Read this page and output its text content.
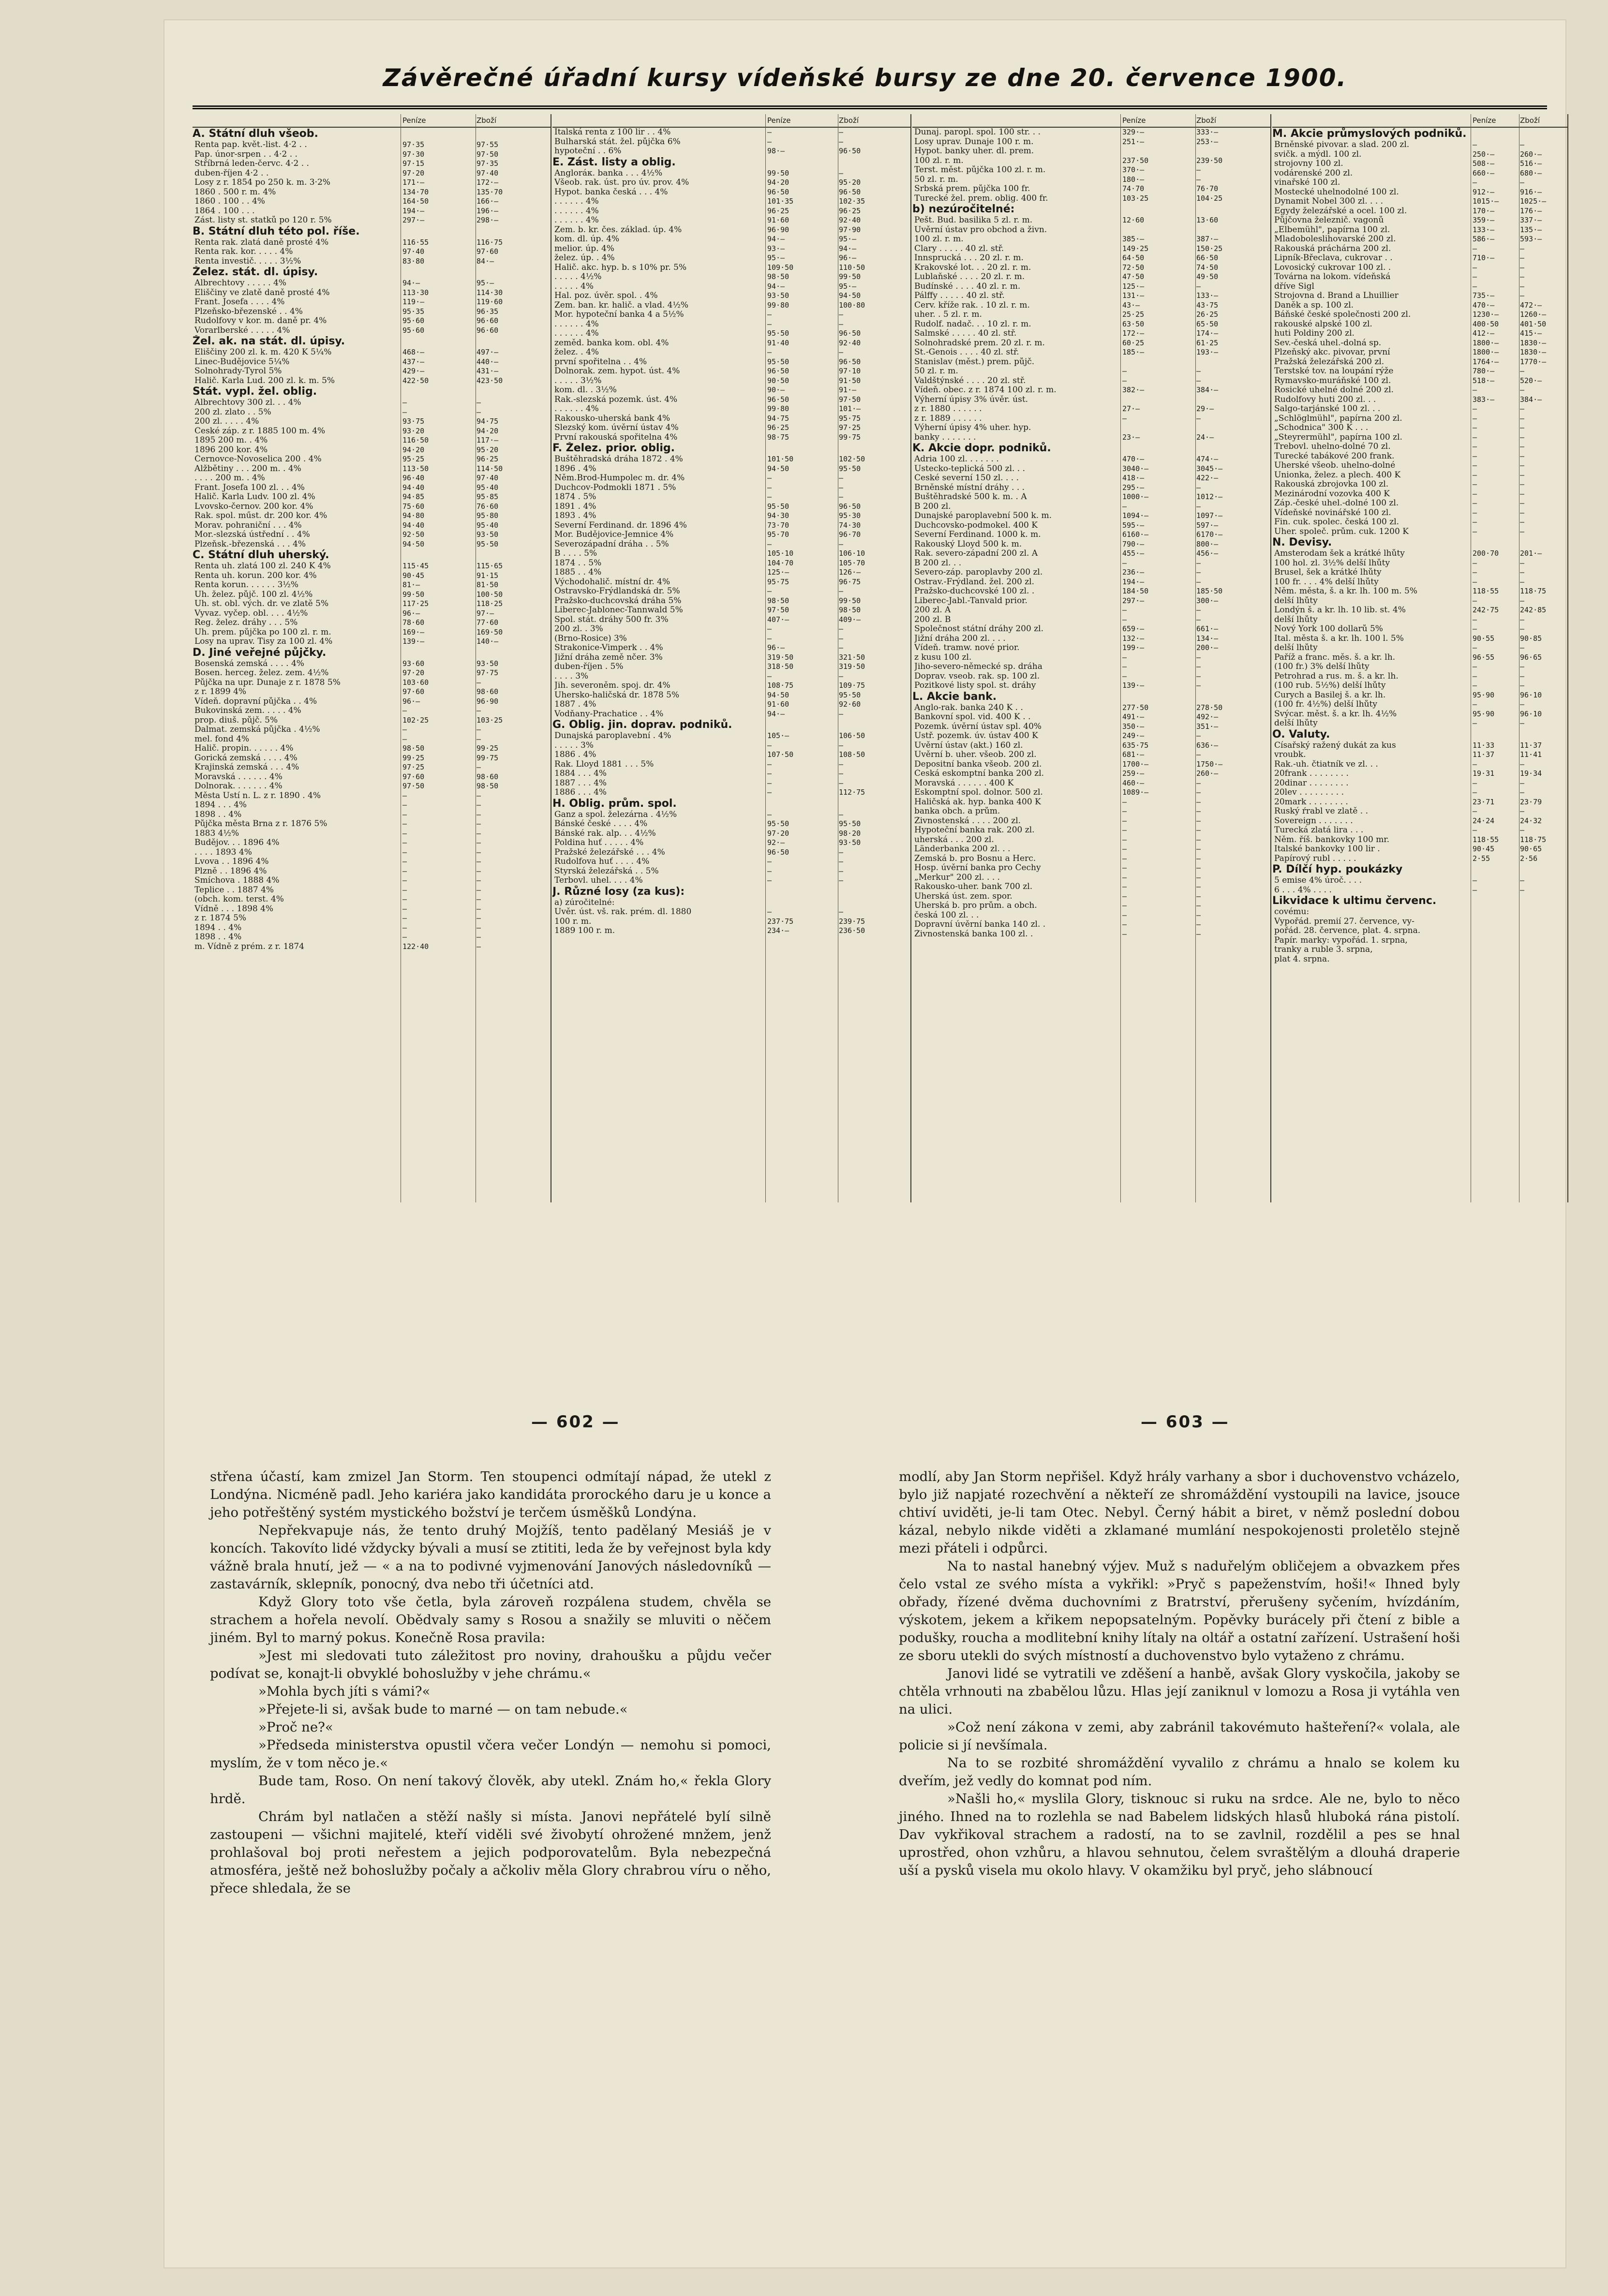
Závěrečné úřadní kursy vídeňské bursy ze dne 20. července 1900.
Peníze	Zboží
A. Státní dluh všeob.
Renta pap. květ.-list. 4·2 . .	97·35	97·55
Pap. únor-srpen . . 4·2 . .	97·30	97·50
Stříbrná leden-červc. 4·2 . .	97·15	97·35
duben-říjen 4·2 . .	97·20	97·40
Losy z r. 1854 po 250 k. m. 3·2%	171·—	172·—
1860 . 500 r. m. 4%	134·70	135·70
1860 . 100 . . 4%	164·50	166·—
1864 . 100 . . .	194·—	196·—
Zást. listy st. statků po 120 r. 5%	297·—	298·—
B. Státní dluh této pol. říše.
Renta rak. zlatá daně prosté 4%	116·55	116·75
Renta rak. kor. . . . . 4%	97·40	97·60
Renta investič. . . . . 3½%	83·80	84·—
Želez. stát. dl. úpisy.
Albrechtovy . . . . . 4%	94·—	95·—
Eliščiny ve zlatě daně prosté 4%	113·30	114·30
Frant. Josefa . . . . 4%	119·—	119·60
Plzeňsko-březenské . . 4%	95·35	96·35
Rudolfovy v kor. m. daně pr. 4%	95·60	96·60
Vorarlberské . . . . . 4%	95·60	96·60
Žel. ak. na stát. dl. úpisy.
Eliščiny 200 zl. k. m. 420 K 5¼%	468·—	497·—
Linec-Budějovice 5¼%	437·—	440·—
Solnohrady-Tyrol 5%	429·—	431·—
Halič. Karla Lud. 200 zl. k. m. 5%	422·50	423·50
Stát. vypl. žel. oblig.
Albrechtovy 300 zl. . . 4%	—	—
200 zl. zlato . . 5%	—	—
200 zl. . . . . 4%	93·75	94·75
České záp. z r. 1885 100 m. 4%	93·20	94·20
1895 200 m. . 4%	116·50	117·—
1896 200 kor. 4%	94·20	95·20
Černovce-Novoselica 200 . 4%	95·25	96·25
Alžbětiny . . . 200 m. . 4%	113·50	114·50
. . . . 200 m. . 4%	96·40	97·40
Frant. Josefa 100 zl. . . 4%	94·40	95·40
Halič. Karla Ludv. 100 zl. 4%	94·85	95·85
Lvovsko-černov. 200 kor. 4%	75·60	76·60
Rak. spol. műst. dr. 200 kor. 4%	94·80	95·80
Morav. pohraniční . . . 4%	94·40	95·40
Mor.-slezská ústřední . . 4%	92·50	93·50
Plzeňsk.-březenská . . . 4%	94·50	95·50
C. Státní dluh uherský.
Renta uh. zlatá 100 zl. 240 K 4%	115·45	115·65
Renta uh. korun. 200 kor. 4%	90·45	91·15
Renta korun. . . . . . 3½%	81·—	81·50
Uh. želez. půjč. 100 zl. 4½%	99·50	100·50
Uh. st. obl. vých. dr. ve zlatě 5%	117·25	118·25
Vyvaz. vyčep. obl. . . . 4½%	96·—	97·—
Reg. želez. dráhy . . . 5%	78·60	77·60
Uh. prem. půjčka po 100 zl. r. m.	169·—	169·50
Losy na uprav. Tisy za 100 zl. 4%	139·—	140·—
D. Jiné veřejné půjčky.
Bosenská zemská . . . . 4%	93·60	93·50
Bosen. herceg. želez. zem. 4½%	97·20	97·75
Půjčka na upr. Dunaje z r. 1878 5%	103·60	—
z r. 1899 4%	97·60	98·60
Vídeň. dopravní půjčka . . 4%	96·—	96·90
Bukovinská zem. . . . . 4%	—	—
prop. diuš. půjč. 5%	102·25	103·25
Dalmat. zemská půjčka . 4½%	—	—
mel. fond 4%	—	—
Halič. propin. . . . . . 4%	98·50	99·25
Gorická zemská . . . . 4%	99·25	99·75
Krajinská zemská . . . 4%	97·25	—
Moravská . . . . . . 4%	97·60	98·60
Dolnorak. . . . . . . 4%	97·50	98·50
Města Ústí n. L. z r. 1890 . 4%	—	—
1894 . . . 4%	—	—
1898 . . 4%	—	—
Půjčka města Brna z r. 1876 5%	—	—
1883 4½%	—	—
Budějov. . . 1896 4%	—	—
. . . . 1893 4%	—	—
Lvova . . 1896 4%	—	—
Plzně . . 1896 4%	—	—
Smíchova . 1888 4%	—	—
Teplice . . 1887 4%	—	—
(obch. kom. terst. 4%	—	—
Vídně . . . 1898 4%	—	—
z r. 1874 5%	—	—
1894 . . 4%	—	—
1898 . . 4%	—	—
m. Vídně z prém. z r. 1874	122·40	—
Peníze	Zboží
Italská renta z 100 lir . . 4%	—	—
Bulharská stát. žel. půjčka 6%	—	—
hypoteční . . 6%	98·—	96·50
E. Zást. listy a oblig.
Angloráк. banka . . . 4½%	99·50	—
Všeob. rak. úst. pro úv. prov. 4%	94·20	95·20
Hypot. banka česká . . . 4%	96·50	96·50
. . . . . . 4%	101·35	102·35
. . . . . . 4%	96·25	96·25
. . . . . . 4%	91·60	92·40
Zem. b. kr. čes. základ. úp. 4%	96·90	97·90
kom. dl. úp. 4%	94·—	95·—
melior. úp. 4%	93·—	94·—
želez. úp. . 4%	95·—	96·—
Halič. akc. hyp. b. s 10% pr. 5%	109·50	110·50
. . . . . 4½%	98·50	99·50
. . . . . 4%	94·—	95·—
Hal. poz. úvěr. spol. . 4%	93·50	94·50
Zem. ban. kr. halič. a vlad. 4½%	99·80	100·80
Mor. hypoteční banka 4 a 5½%	—	—
. . . . . . 4%	—	—
. . . . . . 4%	95·50	96·50
zeměd. banka kom. obl. 4%	91·40	92·40
želez. . 4%	—	—
první spořitelna . . 4%	95·50	96·50
Dolnorak. zem. hypot. úst. 4%	96·50	97·10
. . . . . 3½%	90·50	91·50
kom. dl. . 3½%	90·—	91·—
Rak.-slezská pozemk. úst. 4%	96·50	97·50
. . . . . . 4%	99·80	101·—
Rakousko-uherská bank 4%	94·75	95·75
Slezský kom. úvěrní ústav 4%	96·25	97·25
První rakouská spořitelna 4%	98·75	99·75
F. Želez. prior. oblig.
Buštěhradská dráha 1872 . 4%	101·50	102·50
1896 . 4%	94·50	95·50
Něm.Brod-Humpolec m. dr. 4%	—	—
Duchcov-Podmokli 1871 . 5%	—	—
1874 . 5%	—	—
1891 . 4%	95·50	96·50
1893 . 4%	94·30	95·30
Severní Ferdinand. dr. 1896 4%	73·70	74·30
Mor. Budějovice-Jemnice 4%	95·70	96·70
Severozápadní dráha . . 5%	—	—
B . . . . 5%	105·10	106·10
1874 . . 5%	104·70	105·70
1885 . . 4%	125·—	126·—
Východohalič. místní dr. 4%	95·75	96·75
Ostravsko-Frýdlandská dr. 5%	—	—
Pražsko-duchcovská dráha 5%	98·50	99·50
Liberec-Jablonec-Tannwald 5%	97·50	98·50
Spol. stát. dráhy 500 fr. 3%	407·—	409·—
200 zl. . 3%	—	—
(Brno-Rosice) 3%	—	—
Strakonice-Vimperk . . 4%	96·—	—
Jižní dráha země nčer. 3%	319·50	321·50
duben-říjen . 5%	318·50	319·50
. . . . 3%	—	—
Jih. severoněm. spoj. dr. 4%	108·75	109·75
Uhersko-haličská dr. 1878 5%	94·50	95·50
1887 . 4%	91·60	92·60
Vodňany-Prachatice . . 4%	94·—	—
G. Oblig. jin. doprav. podniků.
Dunajská paroplavební . 4%	105·—	106·50
. . . . . 3%	—	—
1886 . 4%	107·50	108·50
Rak. Lloyd 1881 . . . 5%	—	—
1884 . . . 4%	—	—
1887 . . . 4%	—	—
1886 . . . 4%	—	112·75
H. Oblig. prům. spol.
Ganz a spol. železárna . 4½%	—	—
Bánské české . . . . 4%	95·50	95·50
Bánské rak. alp. . . 4½%	97·20	98·20
Poldina huť . . . . . 4%	92·—	93·50
Pražské železářské . . . 4%	96·50	—
Rudolfova huť . . . . 4%	—	—
Styrská železářská . . 5%	—	—
Terbovl. uhel. . . . 4%	—	—
J. Různé losy (za kus):
a) zúročitelné:
Úvěr. úst. vš. rak. prém. dl. 1880	—	—
100 r. m.	237·75	239·75
1889 100 r. m.	234·—	236·50
Peníze	Zboží
Dunaj. paropl. spol. 100 str. . .	329·—	333·—
Losy uprav. Dunaje 100 r. m.	251·—	253·—
Hypot. banky uher. dl. prem.
100 zl. r. m.	237·50	239·50
Terst. měst. půjčka 100 zl. r. m.	370·—	—
50 zl. r. m.	180·—	—
Srbská prem. půjčka 100 fr.	74·70	76·70
Turecké žel. prem. oblig. 400 fr.	103·25	104·25
b) nezúročitelné:
Pešt. Bud. basilika 5 zl. r. m.	12·60	13·60
Úvěrní ústav pro obchod a živn.
100 zl. r. m.	385·—	387·—
Clary . . . . . 40 zl. stř.	149·25	150·25
Innsprucká . . . 20 zl. r. m.	64·50	66·50
Krakovské lot. . . 20 zl. r. m.	72·50	74·50
Lublaňské . . . . 20 zl. r. m.	47·50	49·50
Budínské . . . . 40 zl. r. m.	125·—	—
Pálffy . . . . . 40 zl. stř.	131·—	133·—
Červ. kříže rak. . 10 zl. r. m.	43·—	43·75
uher. . 5 zl. r. m.	25·25	26·25
Rudolf. nadač. . . 10 zl. r. m.	63·50	65·50
Salmské . . . . . 40 zl. stř.	172·—	174·—
Solnohradské prem. 20 zl. r. m.	60·25	61·25
St.-Genois . . . . 40 zl. stř.	185·—	193·—
Stanislav (měst.) prem. půjč.
50 zl. r. m.	—	—
Valdštýnské . . . . 20 zl. stř.	—	—
Vídeň. obec. z r. 1874 100 zl. r. m.	382·—	384·—
Výherní úpisy 3% úvěr. úst.
z r. 1880 . . . . . .	27·—	29·—
z r. 1889 . . . . . .	—	—
Výherní úpisy 4% uher. hyp.
banky . . . . . . .	23·—	24·—
K. Akcie dopr. podniků.
Adria 100 zl. . . . . . .	470·—	474·—
Ústecko-teplická 500 zl. . .	3040·—	3045·—
České severní 150 zl. . . .	418·—	422·—
Brněnské místní dráhy . . .	295·—	—
Buštěhradské 500 k. m. . A	1000·—	1012·—
B 200 zl.	—	—
Dunajské paroplavební 500 k. m.	1094·—	1097·—
Duchcovsko-podmokel. 400 K	595·—	597·—
Severní Ferdinand. 1000 k. m.	6160·—	6170·—
Rakouský Lloyd 500 k. m.	790·—	800·—
Rak. severo-západní 200 zl. A	455·—	456·—
B 200 zl. . .	—	—
Severo-záp. paroplavby 200 zl.	236·—	—
Ostrav.-Frýdland. žel. 200 zl.	194·—	—
Pražsko-duchcovské 100 zl. .	184·50	185·50
Liberec-Jabl.-Tanvald prior.	297·—	300·—
200 zl. A	—	—
200 zl. B	—	—
Společnost státní dráhy 200 zl.	659·—	661·—
Jižní dráha 200 zl. . . .	132·—	134·—
Vídeň. tramw. nové prior.	199·—	200·—
z kusu 100 zl.	—	—
Jiho-severo-německé sp. dráha	—	—
Doprav. vseob. rak. sp. 100 zl.	—	—
Pozitkové listy spol. st. dráhy	139·—	—
L. Akcie bank.
Anglo-rak. banka 240 K . .	277·50	278·50
Bankovní spol. vid. 400 K . .	491·—	492·—
Pozemk. úvěrní ústav spl. 40%	350·—	351·—
Ústř. pozemk. úv. ústav 400 K	249·—	—
Úvěrní ústav (akt.) 160 zl.	635·75	636·—
Úvěrní b. uher. všeob. 200 zl.	681·—	—
Depositní banka všeob. 200 zl.	1700·—	1750·—
Česká eskomptní banka 200 zl.	259·—	260·—
Moravská . . . . . . 400 K	460·—	—
Eskomptní spol. dolnor. 500 zl.	1089·—	—
Haličská ak. hyp. banka 400 K	—	—
banka obch. a prům.	—	—
Živnostenská . . . . 200 zl.	—	—
Hypoteční banka rak. 200 zl.	—	—
uherská . . . 200 zl.	—	—
Länderbanka 200 zl. . .	—	—
Zemská b. pro Bosnu a Herc.	—	—
Hosp. úvěrní banka pro Čechy	—	—
„Merkur" 200 zl. . . .	—	—
Rakousko-uher. bank 700 zl.	—	—
Uherská úst. zem. spor.	—	—
Uherská b. pro prům. a obch.	—	—
česká 100 zl. . .	—	—
Dopravní úvěrní banka 140 zl. .	—	—
Živnostenská banka 100 zl. .	—	—
Peníze	Zboží
M. Akcie průmyslových podniků.
Brněnské pivovar. a slad. 200 zl.	—	—
svičk. a mýdl. 100 zl.	250·—	260·—
strojovny 100 zl.	508·—	516·—
vodárenské 200 zl.	660·—	680·—
vinařské 100 zl.	—	—
Mostecké uhelnodolné 100 zl.	912·—	916·—
Dynamit Nobel 300 zl. . . .	1015·—	1025·—
Egydy železářské a ocel. 100 zl.	170·—	176·—
Půjčovna železnič. vagonů	359·—	337·—
„Elbemühl", papírna 100 zl.	133·—	135·—
Mladoboleslihovarské 200 zl.	586·—	593·—
Rakouská práchárna 200 zl.	—	—
Lipník-Břeclava, cukrovar . .	710·—	—
Lovosický cukrovar 100 zl. .	—	—
Továrna na lokom. vídeňská	—	—
dříve Sigl	—	—
Strojovna d. Brand a Lhuillier	735·—	—
Daněk a sp. 100 zl.	470·—	472·—
Báňské české společnosti 200 zl.	1230·—	1260·—
rakouské alpské 100 zl.	400·50	401·50
huti Poldiny 200 zl.	412·—	415·—
Sev.-česká uhel.-dolná sp.	1800·—	1830·—
Plzeňský akc. pivovar, první	1800·—	1830·—
Pražská železářská 200 zl.	1764·—	1770·—
Terstské tov. na loupání rýže	780·—	—
Rymavsko-muráňské 100 zl.	518·—	520·—
Rosické uhelné dolné 200 zl.	—	—
Rudolfovy huti 200 zl. . .	383·—	384·—
Šalgo-tarjánské 100 zl. . .	—	—
„Schlöglmühl", papírna 200 zl.	—	—
„Schodnica" 300 K . . .	—	—
„Steyrermühl", papírna 100 zl.	—	—
Trebovl. uhelno-dolné 70 zl.	—	—
Turecké tabákové 200 frank.	—	—
Uherské všeob. uhelno-dolné	—	—
Unionka, želez. a plech. 400 K	—	—
Rakouská zbrojovka 100 zl.	—	—
Mezinárodní vozovka 400 K	—	—
Záp.-české uhel.-dolné 100 zl.	—	—
Vídeňské novinářské 100 zl.	—	—
Fin. cuk. spolec. česká 100 zl.	—	—
Uher. společ. prům. cuk. 1200 K	—	—
N. Devisy.
Amsterodam šek a krátké lhůty	200·70	201·—
100 hol. zl. 3½% delší lhůty	—	—
Brusel, šek a krátké lhůty	—	—
100 fr. . . . 4% delší lhůty	—	—
Něm. města, š. a kr. lh. 100 m. 5%	118·55	118·75
delší lhůty	—	—
Londýn š. a kr. lh. 10 lib. st. 4%	242·75	242·85
delší lhůty	—	—
Nový York 100 dollarů 5%	—	—
Ital. města š. a kr. lh. 100 l. 5%	90·55	90·85
delší lhůty	—	—
Paříž a franc. měs. š. a kr. lh.	96·55	96·65
(100 fr.) 3% delší lhůty	—	—
Petrohrad a rus. m. š. a kr. lh.	—	—
(100 rub. 5½%) delší lhůty	—	—
Curych a Basilej š. a kr. lh.	95·90	96·10
(100 fr. 4½%) delší lhůty	—	—
Švýcar. měst. š. a kr. lh. 4½%	95·90	96·10
delší lhůty	—	—
O. Valuty.
Císařský ražený dukát za kus	11·33	11·37
vroubk.	11·37	11·41
Rak.-uh. čtiatník ve zl. . .	—	—
20frank . . . . . . . .	19·31	19·34
20dinar . . . . . . . .	—	—
20lev . . . . . . . . .	—	—
20mark . . . . . . . .	23·71	23·79
Ruský ŕrabl ve zlatě . .	—	—
Sovereign . . . . . . .	24·24	24·32
Turecká zlatá lira . . .	—	—
Něm. říš. bankovky 100 mr.	118·55	118·75
Italské bankovky 100 lir .	90·45	90·65
Papírový rubl . . . . .	2·55	2·56
P. Dílčí hyp. poukázky
5 emise 4% úroč. . . .	—	—
6 . . . 4% . . . .	—	—
Likvidace k ultimu červenc.
covému:
Vypořád. premií 27. července, vy-
pořád. 28. července, plat. 4. srpna.
Papír. marky: vypořád. 1. srpna,
tranky a ruble 3. srpna,
plat 4. srpna.
— 602 —	— 603 —

střena účastí, kam zmizel Jan Storm. Ten stoupenci odmítají nápad, že utekl z Londýna. Nicméně padl. Jeho kariéra jako kandidáta prorockého daru je u konce a jeho potřeštěný systém mystického božství je terčem úsměšků Londýna.

Nepřekvapuje nás, že tento druhý Mojžíš, tento padělaný Mesiáš je v koncích. Takovíto lidé vždycky bývali a musí se ztititi, leda že by veřejnost byla kdy vážně brala hnutí, jež — « a na to podivné vyjmenování Janových následovníků — zastavárník, sklepník, ponocný, dva nebo tři účetníci atd.

Když Glory toto vše četla, byla zároveň rozpálena studem, chvěla se strachem a hořela nevolí. Obědvaly samy s Rosou a snažily se mluviti o něčem jiném. Byl to marný pokus. Konečně Rosa pravila:

»Jest mi sledovati tuto záležitost pro noviny, drahoušku a půjdu večer podívat se, konajt-li obvyklé bohoslužby v jehe chrámu.«

»Mohla bych jíti s vámi?«

»Přejete-li si, avšak bude to marné — on tam nebude.«

»Proč ne?«

»Předseda ministerstva opustil včera večer Londýn — nemohu si pomoci, myslím, že v tom něco je.«

Bude tam, Roso. On není takový člověk, aby utekl. Znám ho,« řekla Glory hrdě.

Chrám byl natlačen a stěží našly si místa. Janovi nepřátelé bylí silně zastoupeni — všichni majitelé, kteří viděli své živobytí ohrožené mnžem, jenž prohlašoval boj proti neřestem a jejich podporovatelům. Byla nebezpečná atmosféra, ještě než bohoslužby počaly a ačkoliv měla Glory chrabrou víru o něho, přece shledala, že se

modlí, aby Jan Storm nepřišel. Když hrály varhany a sbor i duchovenstvo vcházelo, bylo již napjaté rozechvění a někteří ze shromáždění vystoupili na lavice, jsouce chtiví uviděti, je-li tam Otec. Nebyl. Černý hábit a biret, v němž poslední dobou kázal, nebylo nikde viděti a zklamané mumlání nespokojenosti proletělo stejně mezi přáteli i odpůrci.

Na to nastal hanebný výjev. Muž s naduřelým obličejem a obvazkem přes čelo vstal ze svého místa a vykřikl: »Pryč s papeženstvím, hoši!« Ihned byly obřady, řízené dvěma duchovními z Bratrství, přerušeny syčením, hvízdáním, výskotem, jekem a křikem nepopsatelným. Popěvky burácely při čtení z bible a podušky, roucha a modlitební knihy lítaly na oltář a ostatní zařízení. Ustrašení hoši ze sboru utekli do svých místností a duchovenstvo bylo vytaženo z chrámu.

Janovi lidé se vytratili ve zděšení a hanbě, avšak Glory vyskočila, jakoby se chtěla vrhnouti na zbabělou lůzu. Hlas její zaniknul v lomozu a Rosa ji vytáhla ven na ulici.

»Což není zákona v zemi, aby zabránil takovémuto hašteření?« volala, ale policie si jí nevšímala.

Na to se rozbité shromáždění vyvalilo z chrámu a hnalo se kolem ku dveřím, jež vedly do komnat pod ním.

»Našli ho,« myslila Glory, tisknouc si ruku na srdce. Ale ne, bylo to něco jiného. Ihned na to rozlehla se nad Babelem lidských hlasů hluboká rána pistolí. Dav vykřikoval strachem a radostí, na to se zavlnil, rozdělil a pes se hnal uprostřed, ohon vzhůru, a hlavou sehnutou, čelem svraštělým a dlouhá draperie uší a pysků visela mu okolo hlavy. V okamžiku byl pryč, jeho slábnoucí
